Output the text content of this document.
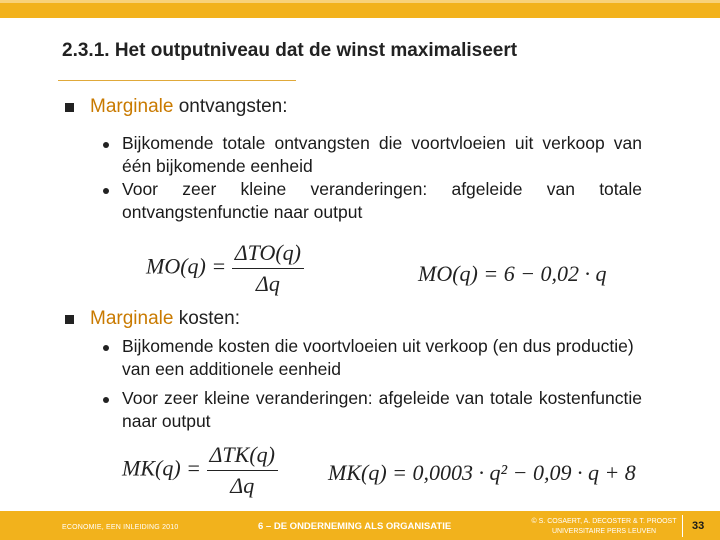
2.3.1. Het outputniveau dat de winst maximaliseert
Marginale ontvangsten:
Bijkomende totale ontvangsten die voortvloeien uit verkoop van één bijkomende eenheid
Voor zeer kleine veranderingen: afgeleide van totale ontvangstenfunctie naar output
$MO(q) = \frac{\text{ΔTO(q)}}{\Delta q}$	MO(q) = 6 − 0,02 · q
Marginale kosten:
Bijkomende kosten die voortvloeien uit verkoop (en dus productie) van een additionele eenheid
Voor zeer kleine veranderingen: afgeleide van totale kostenfunctie naar output
$MK(q) = \frac{\text{ΔTK(q)}}{\Delta q} MK(q) = 0,0003 \cdot q^2 - 0,09 \cdot q + 8$
ECONOMIE, EEN INLEIDING 2010	6 – DE ONDERNEMING ALS ORGANISATIE	© S. COSAERT, A. DECOSTER & T. PROOST
UNIVERSITAIRE PERS LEUVEN	33
